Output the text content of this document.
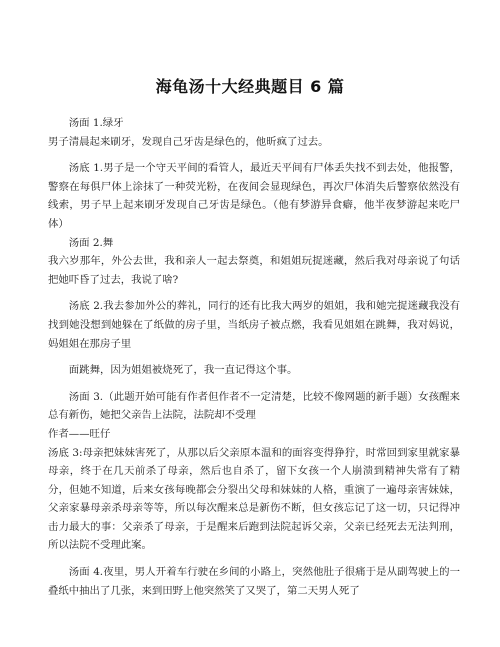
海龟汤十大经典题目 6 篇

汤面 1.绿牙

男子清晨起来刷牙，发现自己牙齿是绿色的，他昕疯了过去。

汤底 1.男子是一个守天平间的看管人，最近天平间有尸体丢失找不到去处，他报警，警察在每俱尸体上涂抹了一种荧光粉，在夜间会显现绿色，再次尸体消失后警察依然没有线索，男子早上起来刷牙发现自己牙齿是绿色。（他有梦游异食癖，他半夜梦游起来吃尸体）

汤面 2.舞

我六岁那年，外公去世，我和亲人一起去祭奠，和姐姐玩捉迷藏，然后我对母亲说了句话把她吓昏了过去，我说了啥?

汤底 2.我去参加外公的葬礼，同行的还有比我大两岁的姐姐，我和她完捉迷藏我没有找到她没想到她躲在了纸做的房子里，当纸房子被点燃，我看见姐姐在跳舞，我对妈说，妈姐姐在那房子里

面跳舞，因为姐姐被烧死了，我一直记得这个事。

汤面 3.（此题开始可能有作者但作者不一定清楚，比较不像网题的新手题）女孩醒来总有新伤，她把父亲告上法院，法院却不受理

作者——旺仔

汤底 3:母亲把妹妹害死了，从那以后父亲原本温和的面容变得狰狞，时常回到家里就家暴母亲，终于在几天前杀了母亲，然后也自杀了，留下女孩一个人崩溃到精神失常有了精分，但她不知道，后来女孩每晚都会分裂出父母和妹妹的人格，重演了一遍母亲害妹妹，父亲家暴母亲杀母亲等等，所以每次醒来总是新伤不断，但女孩忘记了这一切，只记得冲击力最大的事：父亲杀了母亲，于是醒来后跑到法院起诉父亲，父亲已经死去无法判刑，所以法院不受理此案。

汤面 4.夜里，男人开着车行驶在乡间的小路上，突然他肚子很痛于是从副驾驶上的一叠纸中抽出了几张，来到田野上他突然笑了又哭了，第二天男人死了
